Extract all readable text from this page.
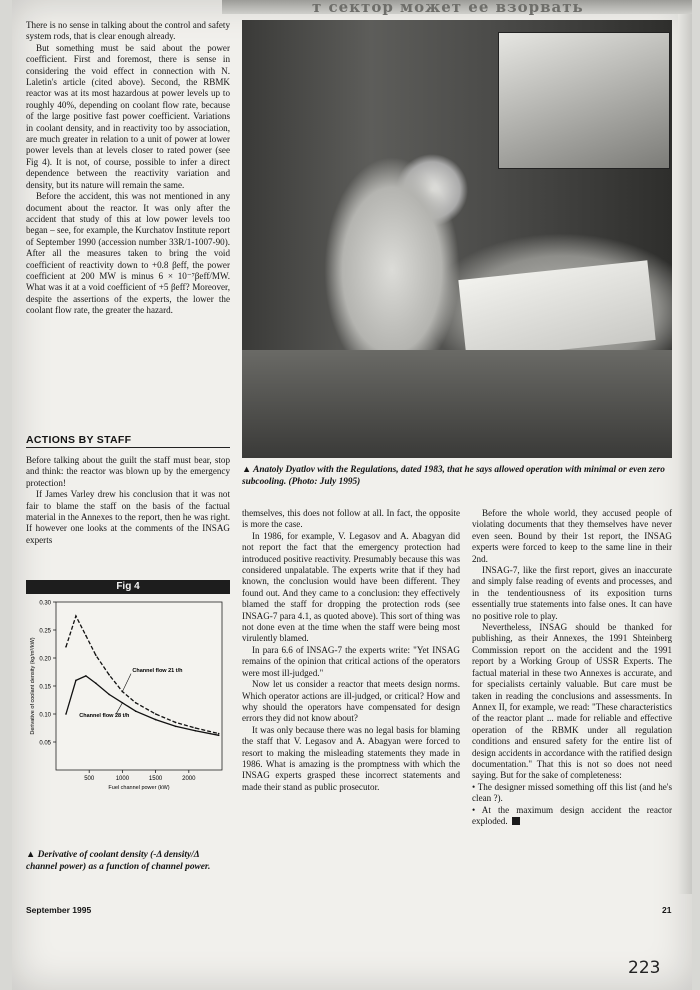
т сектор может ее взорвать

There is no sense in talking about the control and safety system rods, that is clear enough already.

But something must be said about the power coefficient. First and foremost, there is sense in considering the void effect in connection with N. Laletin's article (cited above). Second, the RBMK reactor was at its most hazardous at power levels up to roughly 40%, depending on coolant flow rate, because of the large positive fast power coefficient. Variations in coolant density, and in reactivity too by association, are much greater in relation to a unit of power at lower power levels than at levels closer to rated power (see Fig 4). It is not, of course, possible to infer a direct dependence between the reactivity variation and density, but its nature will remain the same.

Before the accident, this was not mentioned in any document about the reactor. It was only after the accident that study of this at low power levels too began – see, for example, the Kurchatov Institute report of September 1990 (accession number 33R/1-1007-90). After all the measures taken to bring the void coefficient of reactivity down to +0.8 βeff, the power coefficient at 200 MW is minus 6 × 10⁻⁷βeff/MW. What was it at a void coefficient of +5 βeff? Moreover, despite the assertions of the experts, the lower the coolant flow rate, the greater the hazard.

ACTIONS BY STAFF

Before talking about the guilt the staff must bear, stop and think: the reactor was blown up by the emergency protection!

If James Varley drew his conclusion that it was not fair to blame the staff on the basis of the factual material in the Annexes to the report, then he was right. If however one looks at the comments of the INSAG experts

▲ Anatoly Dyatlov with the Regulations, dated 1983, that he says allowed operation with minimal or even zero subcooling. (Photo: July 1995)
Fig 4
0.05
0.10
0.15
0.20
0.25
0.30
500	1000	1500	2000
Fuel channel power (kW)
Derivative of coolant density (kg/m³/kW)	Channel flow 21 t/h
Channel flow 28 t/h
▲ Derivative of coolant density (-Δ density/Δ channel power) as a function of channel power.

themselves, this does not follow at all. In fact, the opposite is more the case.

In 1986, for example, V. Legasov and A. Abagyan did not report the fact that the emergency protection had introduced positive reactivity. Presumably because this was considered unpalatable. The experts write that if they had known, the conclusion would have been different. They found out. And they came to a conclusion: they effectively blamed the staff for dropping the protection rods (see INSAG-7 para 4.1, as quoted above). This sort of thing was not done even at the time when the staff were being most virulently blamed.

In para 6.6 of INSAG-7 the experts write: "Yet INSAG remains of the opinion that critical actions of the operators were most ill-judged."

Now let us consider a reactor that meets design norms. Which operator actions are ill-judged, or critical? How and why should the operators have compensated for design errors they did not know about?

It was only because there was no legal basis for blaming the staff that V. Legasov and A. Abagyan were forced to resort to making the misleading statements they made in 1986. What is amazing is the promptness with which the INSAG experts grasped these incorrect statements and made their stand as public prosecutor.

Before the whole world, they accused people of violating documents that they themselves have never even seen. Bound by their 1st report, the INSAG experts were forced to keep to the same line in their 2nd.

INSAG-7, like the first report, gives an inaccurate and simply false reading of events and processes, and in the tendentiousness of its exposition turns essentially true statements into false ones. It can have no positive role to play.

Nevertheless, INSAG should be thanked for publishing, as their Annexes, the 1991 Shteinberg Commission report on the accident and the 1991 report by a Working Group of USSR Experts. The factual material in these two Annexes is accurate, and for specialists certainly valuable. But care must be taken in reading the conclusions and assessments. In Annex II, for example, we read: "These characteristics of the reactor plant ... made for reliable and effective operation of the RBMK under all regulation conditions and ensured safety for the entire list of design accidents in accordance with the ratified design documentation." That this is not so does not need saying. But for the sake of completeness:

• The designer missed something off this list (and he's clean ?).

• At the maximum design accident the reactor exploded.

September 1995	21
223
